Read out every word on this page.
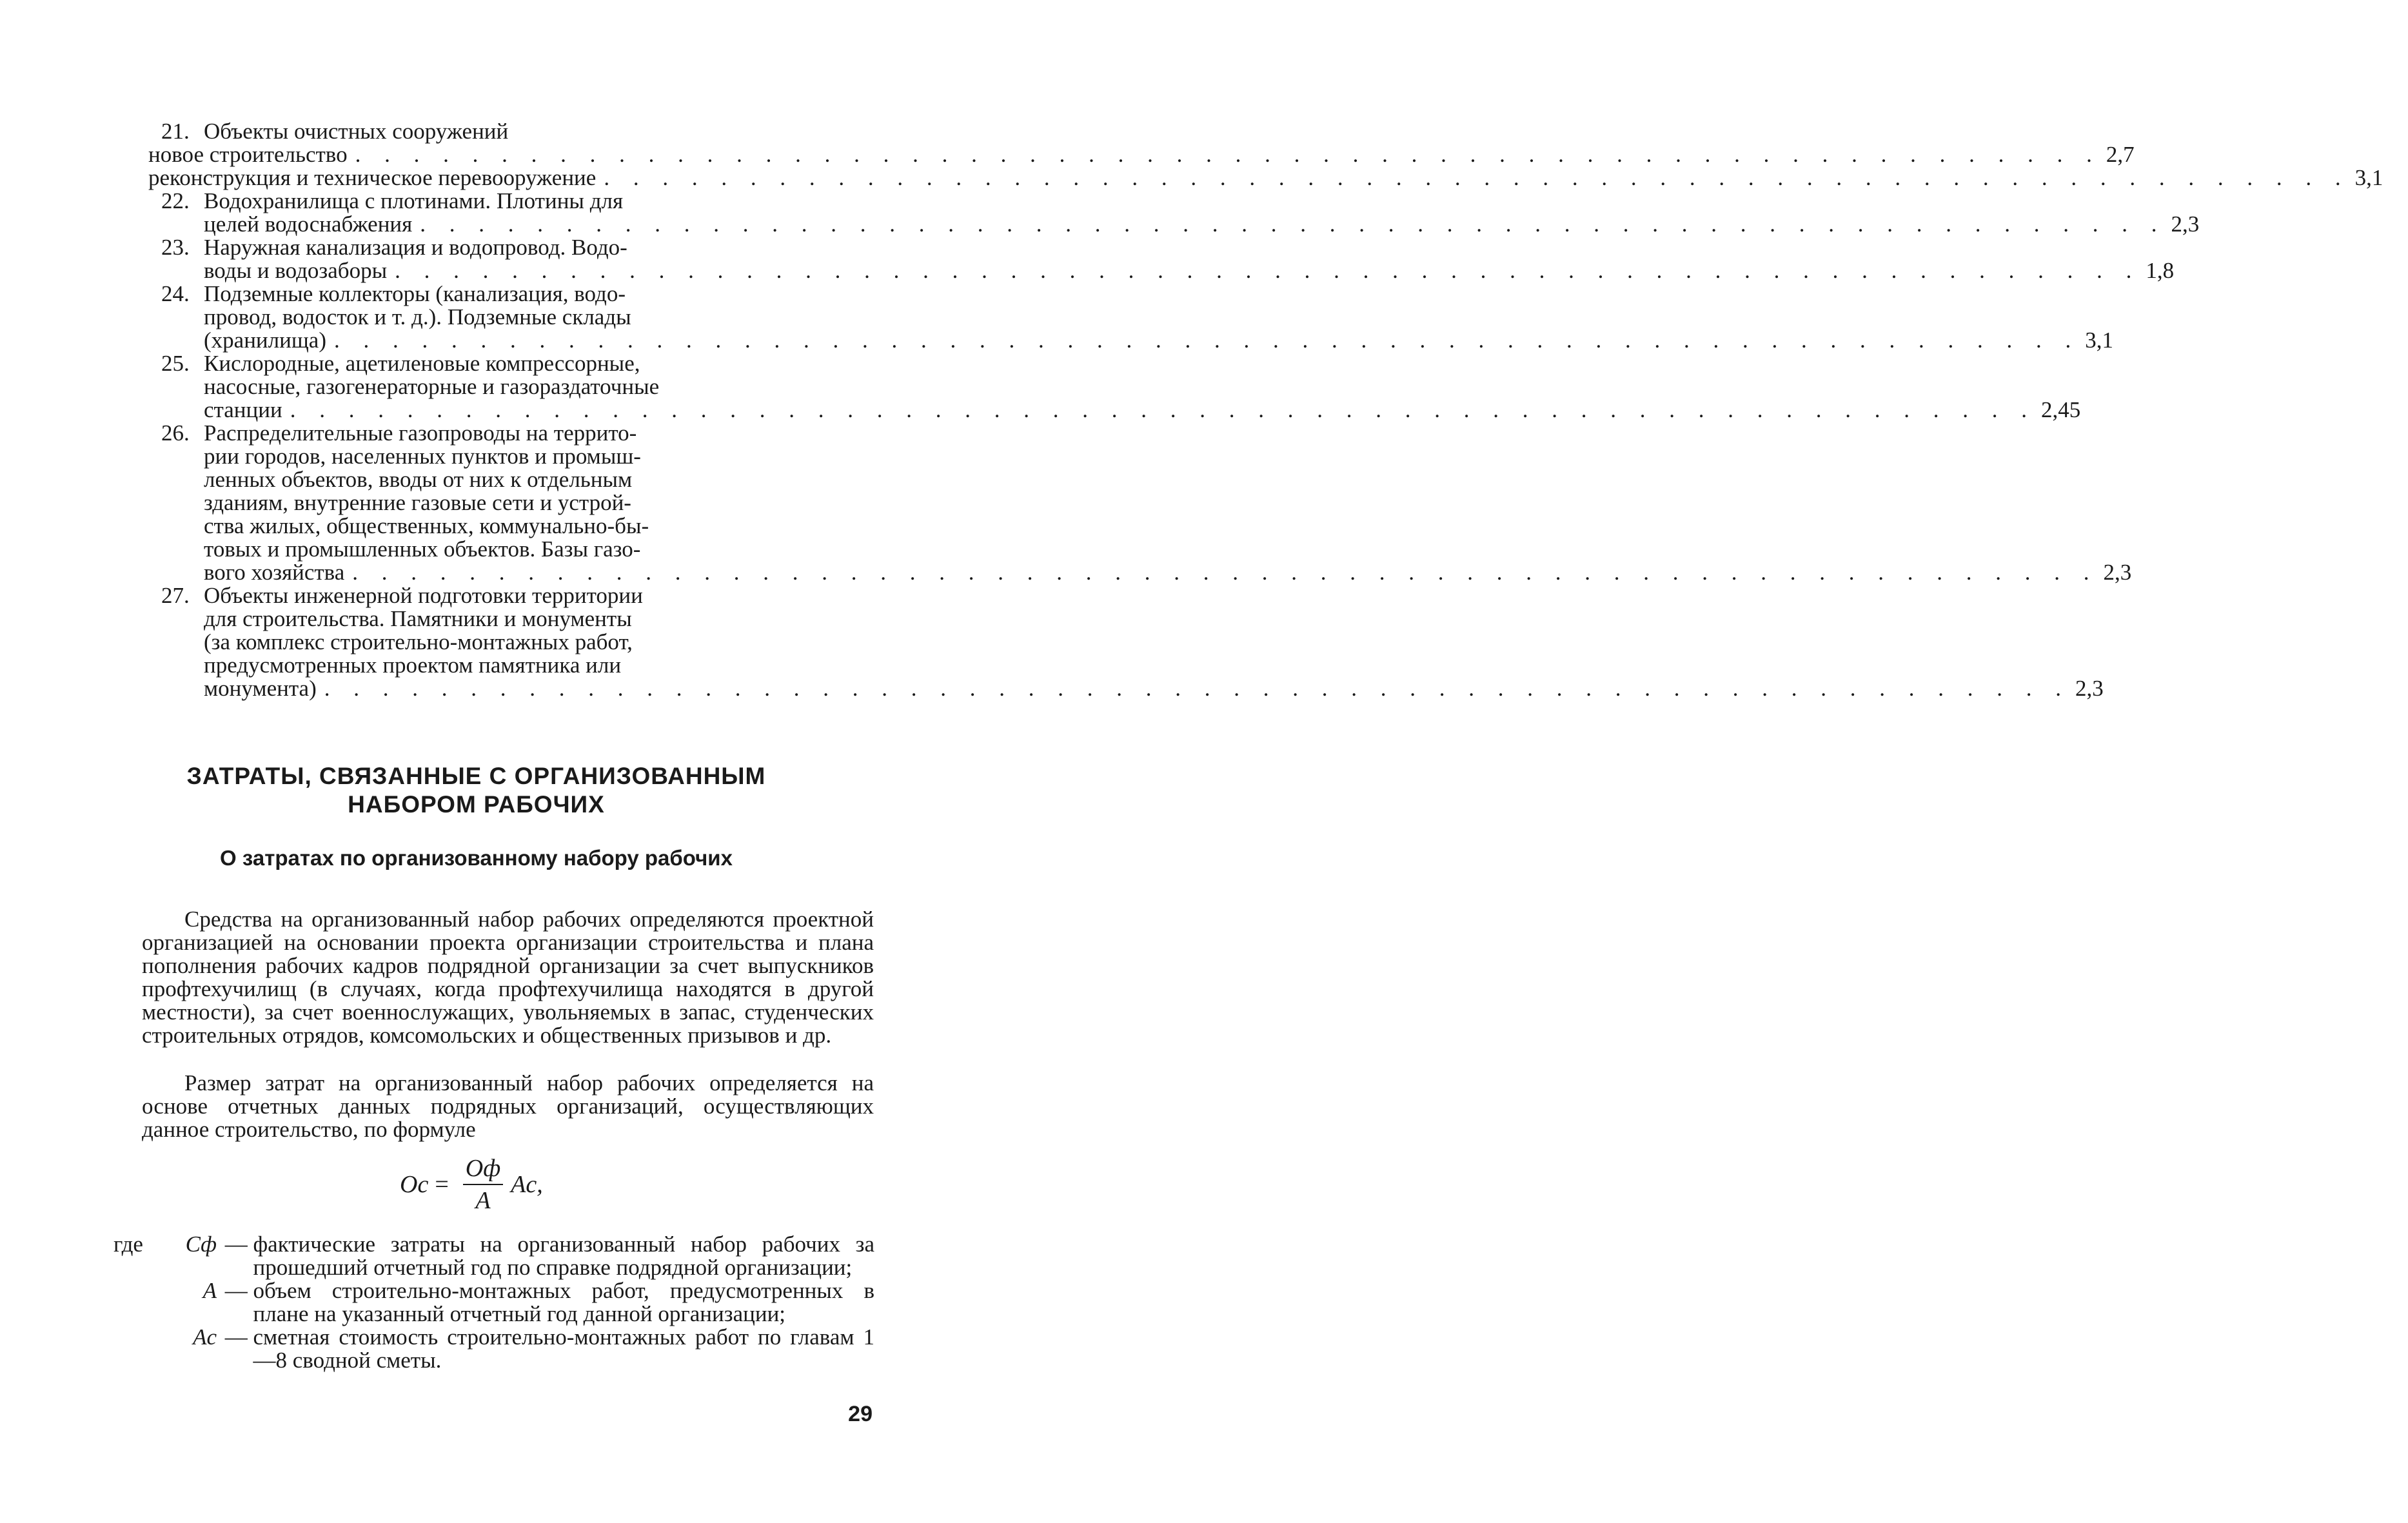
21. Объекты очистных сооружений
новое строительство . . . . . . . . . . . . . . . . . . . . . . . . . . . . . . . . . . . . . . . . . . . . . . . . . . . . . . . . . . . . 2,7
реконструкция и техническое перевооружение . . . . . . . . . . . . . . . . . . . . . . . . . . . . . . . . . . . . . . . . . . . . . . . . . . . . . . . . . . . . 3,1
22. Водохранилища с плотинами. Плотины для
целей водоснабжения . . . . . . . . . . . . . . . . . . . . . . . . . . . . . . . . . . . . . . . . . . . . . . . . . . . . . . . . . . . . 2,3
23. Наружная канализация и водопровод. Водо-
воды и водозаборы . . . . . . . . . . . . . . . . . . . . . . . . . . . . . . . . . . . . . . . . . . . . . . . . . . . . . . . . . . . . 1,8
24. Подземные коллекторы (канализация, водо-
провод, водосток и т. д.). Подземные склады
(хранилища) . . . . . . . . . . . . . . . . . . . . . . . . . . . . . . . . . . . . . . . . . . . . . . . . . . . . . . . . . . . . 3,1
25. Кислородные, ацетиленовые компрессорные,
насосные, газогенераторные и газораздаточные
станции . . . . . . . . . . . . . . . . . . . . . . . . . . . . . . . . . . . . . . . . . . . . . . . . . . . . . . . . . . . . 2,45
26. Распределительные газопроводы на террито-
рии городов, населенных пунктов и промыш-
ленных объектов, вводы от них к отдельным
зданиям, внутренние газовые сети и устрой-
ства жилых, общественных, коммунально-бы-
товых и промышленных объектов. Базы газо-
вого хозяйства . . . . . . . . . . . . . . . . . . . . . . . . . . . . . . . . . . . . . . . . . . . . . . . . . . . . . . . . . . . . 2,3
27. Объекты инженерной подготовки территории
для строительства. Памятники и монументы
(за комплекс строительно-монтажных работ,
предусмотренных проектом памятника или
монумента) . . . . . . . . . . . . . . . . . . . . . . . . . . . . . . . . . . . . . . . . . . . . . . . . . . . . . . . . . . . . 2,3
ЗАТРАТЫ, СВЯЗАННЫЕ С ОРГАНИЗОВАННЫМ
НАБОРОМ РАБОЧИХ
О затратах по организованному набору рабочих
Средства на организованный набор рабочих определяются проектной организацией на основании проекта организации строительства и плана пополнения рабочих кадров подрядной организации за счет выпускников профтехучилищ (в случаях, когда профтехучилища находятся в другой местности), за счет военнослужащих, увольняемых в запас, студенческих строительных отрядов, комсомольских и общественных призывов и др.
Размер затрат на организованный набор рабочих определяется на основе отчетных данных подрядных организаций, осуществляющих данное строительство, по формуле
Oс = $\frac{Oф}{A}$ Aс,
где	Сф — фактические затраты на организованный набор рабочих за прошедший отчетный год по справке подрядной организации;
A — объем строительно-монтажных работ, предусмотренных в плане на указанный отчетный год данной организации;
Aс — сметная стоимость строительно-монтажных работ по главам 1—8 сводной сметы.
29
